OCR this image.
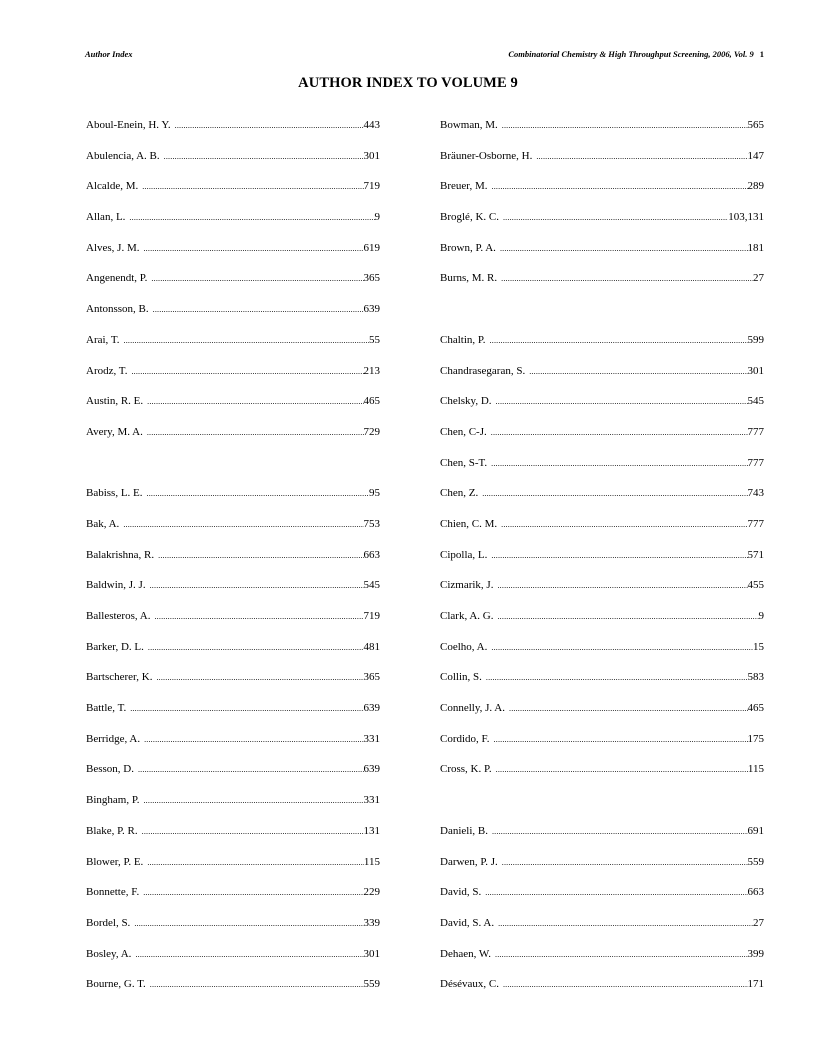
Author Index	Combinatorial Chemistry & High Throughput Screening, 2006, Vol. 9 1
AUTHOR INDEX TO VOLUME 9
Aboul-Enein, H. Y. .....	443
Abulencia, A. B. .....	301
Alcalde, M. .....	719
Allan, L. .....	9
Alves, J. M. .....	619
Angenendt, P. .....	365
Antonsson, B. .....	639
Arai, T. .....	55
Arodz, T. .....	213
Austin, R. E. .....	465
Avery, M. A. .....	729
Babiss, L. E. .....	95
Bak, A. .....	753
Balakrishna, R. .....	663
Baldwin, J. J. .....	545
Ballesteros, A. .....	719
Barker, D. L. .....	481
Bartscherer, K. .....	365
Battle, T. .....	639
Berridge, A. .....	331
Besson, D. .....	639
Bingham, P. .....	331
Blake, P. R. .....	131
Blower, P. E. .....	115
Bonnette, F. .....	229
Bordel, S. .....	339
Bosley, A. .....	301
Bourne, G. T. .....	559
Bowman, M. .....	565
Bräuner-Osborne, H. .....	147
Breuer, M. .....	289
Broglé, K. C. .....	103,131
Brown, P. A. .....	181
Burns, M. R. .....	27
Chaltin, P. .....	599
Chandrasegaran, S. .....	301
Chelsky, D. .....	545
Chen, C-J. .....	777
Chen, S-T. .....	777
Chen, Z. .....	743
Chien, C. M. .....	777
Cipolla, L. .....	571
Cizmarik, J. .....	455
Clark, A. G. .....	9
Coelho, A. .....	15
Collin, S. .....	583
Connelly, J. A. .....	465
Cordido, F. .....	175
Cross, K. P. .....	115
Danieli, B. .....	691
Darwen, P. J. .....	559
David, S. .....	663
David, S. A. .....	27
Dehaen, W. .....	399
Désévaux, C. .....	171
